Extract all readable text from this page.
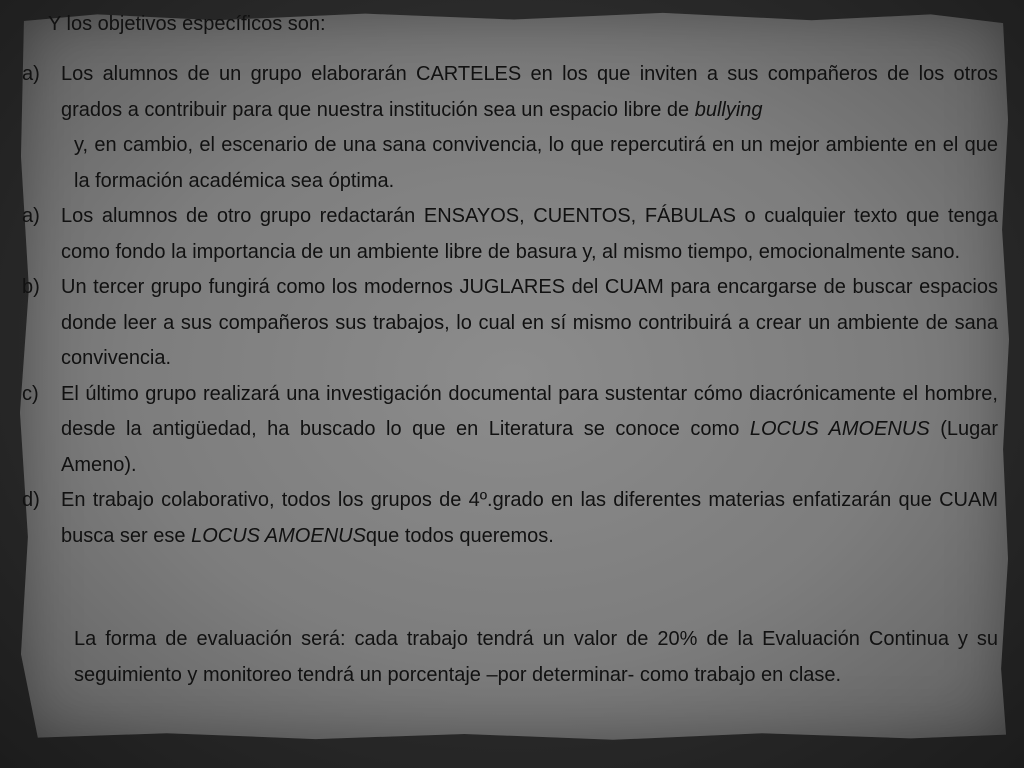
Y los objetivos específicos son:

a)	Los alumnos de un grupo elaborarán CARTELES en los que inviten a sus compañeros de los otros grados a contribuir para que nuestra institución sea un espacio libre de bullying
y, en cambio, el escenario de una sana convivencia, lo que repercutirá en un mejor ambiente en el que la formación académica sea óptima.
a)	Los alumnos de otro grupo redactarán ENSAYOS, CUENTOS, FÁBULAS o cualquier texto que tenga como fondo la importancia de un ambiente libre de basura y, al mismo tiempo, emocionalmente sano.
b)	Un tercer grupo fungirá como los modernos JUGLARES del CUAM para encargarse de buscar espacios donde leer a sus compañeros sus trabajos, lo cual en sí mismo contribuirá a crear un ambiente de sana convivencia.
c)	El último grupo realizará una investigación documental para sustentar cómo diacrónicamente el hombre, desde la antigüedad, ha buscado lo que en Literatura se conoce como LOCUS AMOENUS (Lugar Ameno).
d)	En trabajo colaborativo, todos los grupos de 4º.grado en las diferentes materias enfatizarán que CUAM busca ser ese LOCUS AMOENUSque todos queremos.

La forma de evaluación será: cada trabajo tendrá un valor de 20% de la Evaluación Continua y su seguimiento y monitoreo tendrá un porcentaje –por determinar- como trabajo en clase.
